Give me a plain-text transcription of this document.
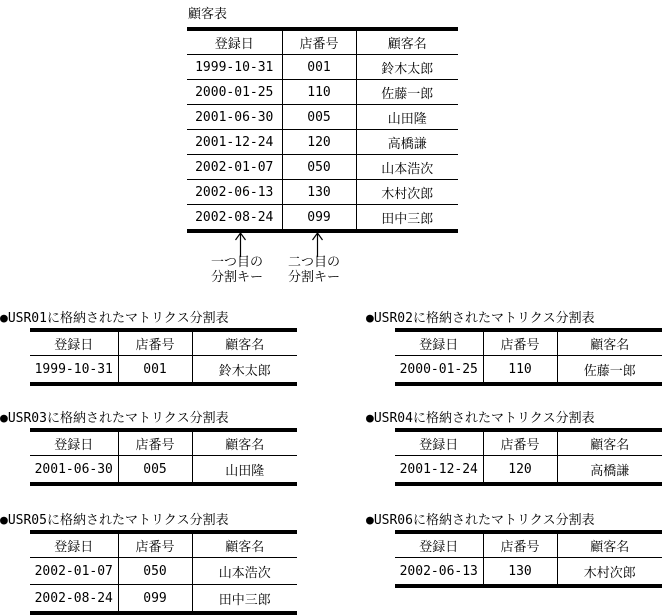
顧客表
登録日	店番号	顧客名
1999-10-31	001	鈴木太郎
2000-01-25	110	佐藤一郎
2001-06-30	005	山田隆
2001-12-24	120	高橋謙
2002-01-07	050	山本浩次
2002-06-13	130	木村次郎
2002-08-24	099	田中三郎
一つ目の
分割キー
二つ目の
分割キー
●USR01に格納されたマトリクス分割表
登録日	店番号	顧客名
1999-10-31	001	鈴木太郎
●USR02に格納されたマトリクス分割表
登録日	店番号	顧客名
2000-01-25	110	佐藤一郎
●USR03に格納されたマトリクス分割表
登録日	店番号	顧客名
2001-06-30	005	山田隆
●USR04に格納されたマトリクス分割表
登録日	店番号	顧客名
2001-12-24	120	高橋謙
●USR05に格納されたマトリクス分割表
登録日	店番号	顧客名
2002-01-07	050	山本浩次
2002-08-24	099	田中三郎
●USR06に格納されたマトリクス分割表
登録日	店番号	顧客名
2002-06-13	130	木村次郎
